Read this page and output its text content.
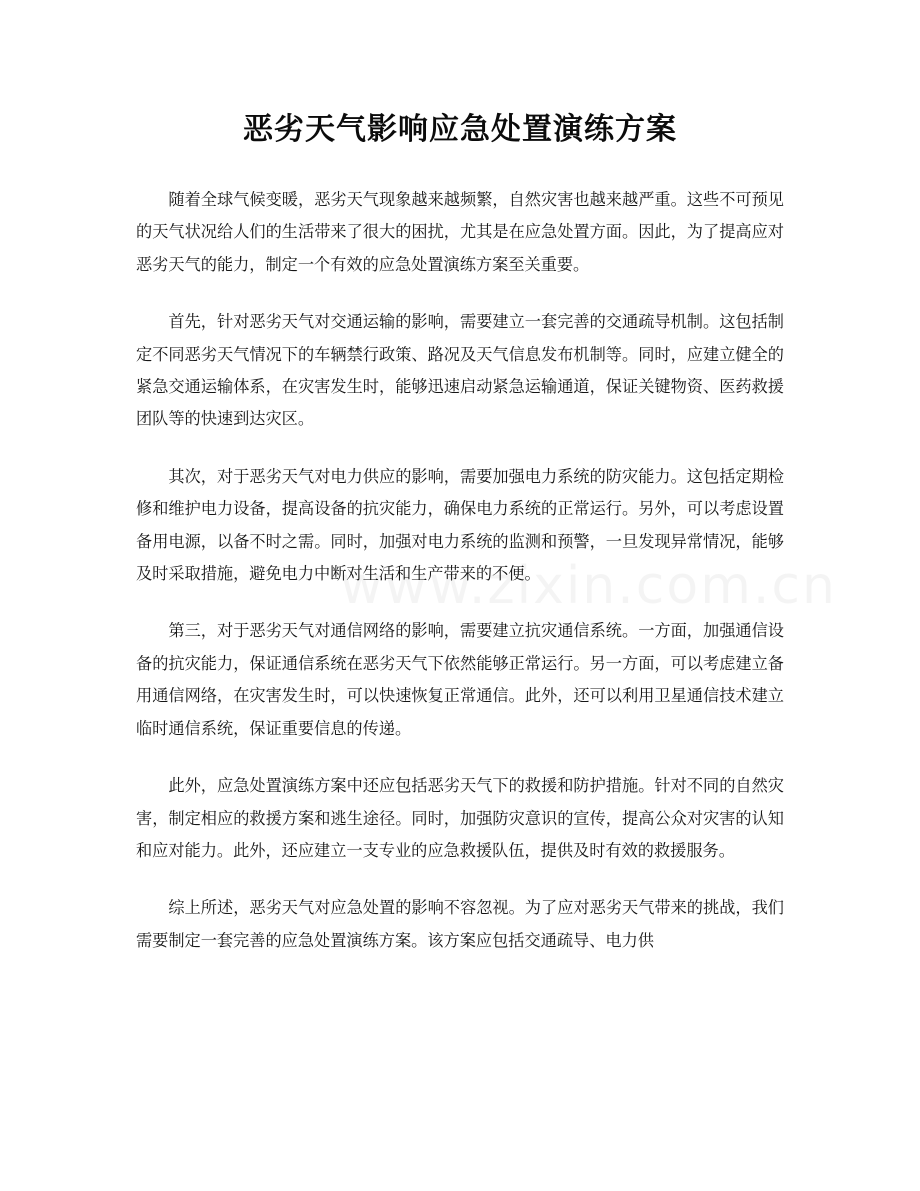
恶劣天气影响应急处置演练方案

随着全球气候变暖，恶劣天气现象越来越频繁，自然灾害也越来越严重。这些不可预见的天气状况给人们的生活带来了很大的困扰，尤其是在应急处置方面。因此，为了提高应对恶劣天气的能力，制定一个有效的应急处置演练方案至关重要。

首先，针对恶劣天气对交通运输的影响，需要建立一套完善的交通疏导机制。这包括制定不同恶劣天气情况下的车辆禁行政策、路况及天气信息发布机制等。同时，应建立健全的紧急交通运输体系，在灾害发生时，能够迅速启动紧急运输通道，保证关键物资、医药救援团队等的快速到达灾区。

其次，对于恶劣天气对电力供应的影响，需要加强电力系统的防灾能力。这包括定期检修和维护电力设备，提高设备的抗灾能力，确保电力系统的正常运行。另外，可以考虑设置备用电源，以备不时之需。同时，加强对电力系统的监测和预警，一旦发现异常情况，能够及时采取措施，避免电力中断对生活和生产带来的不便。

第三，对于恶劣天气对通信网络的影响，需要建立抗灾通信系统。一方面，加强通信设备的抗灾能力，保证通信系统在恶劣天气下依然能够正常运行。另一方面，可以考虑建立备用通信网络，在灾害发生时，可以快速恢复正常通信。此外，还可以利用卫星通信技术建立临时通信系统，保证重要信息的传递。

此外，应急处置演练方案中还应包括恶劣天气下的救援和防护措施。针对不同的自然灾害，制定相应的救援方案和逃生途径。同时，加强防灾意识的宣传，提高公众对灾害的认知和应对能力。此外，还应建立一支专业的应急救援队伍，提供及时有效的救援服务。

综上所述，恶劣天气对应急处置的影响不容忽视。为了应对恶劣天气带来的挑战，我们需要制定一套完善的应急处置演练方案。该方案应包括交通疏导、电力供
